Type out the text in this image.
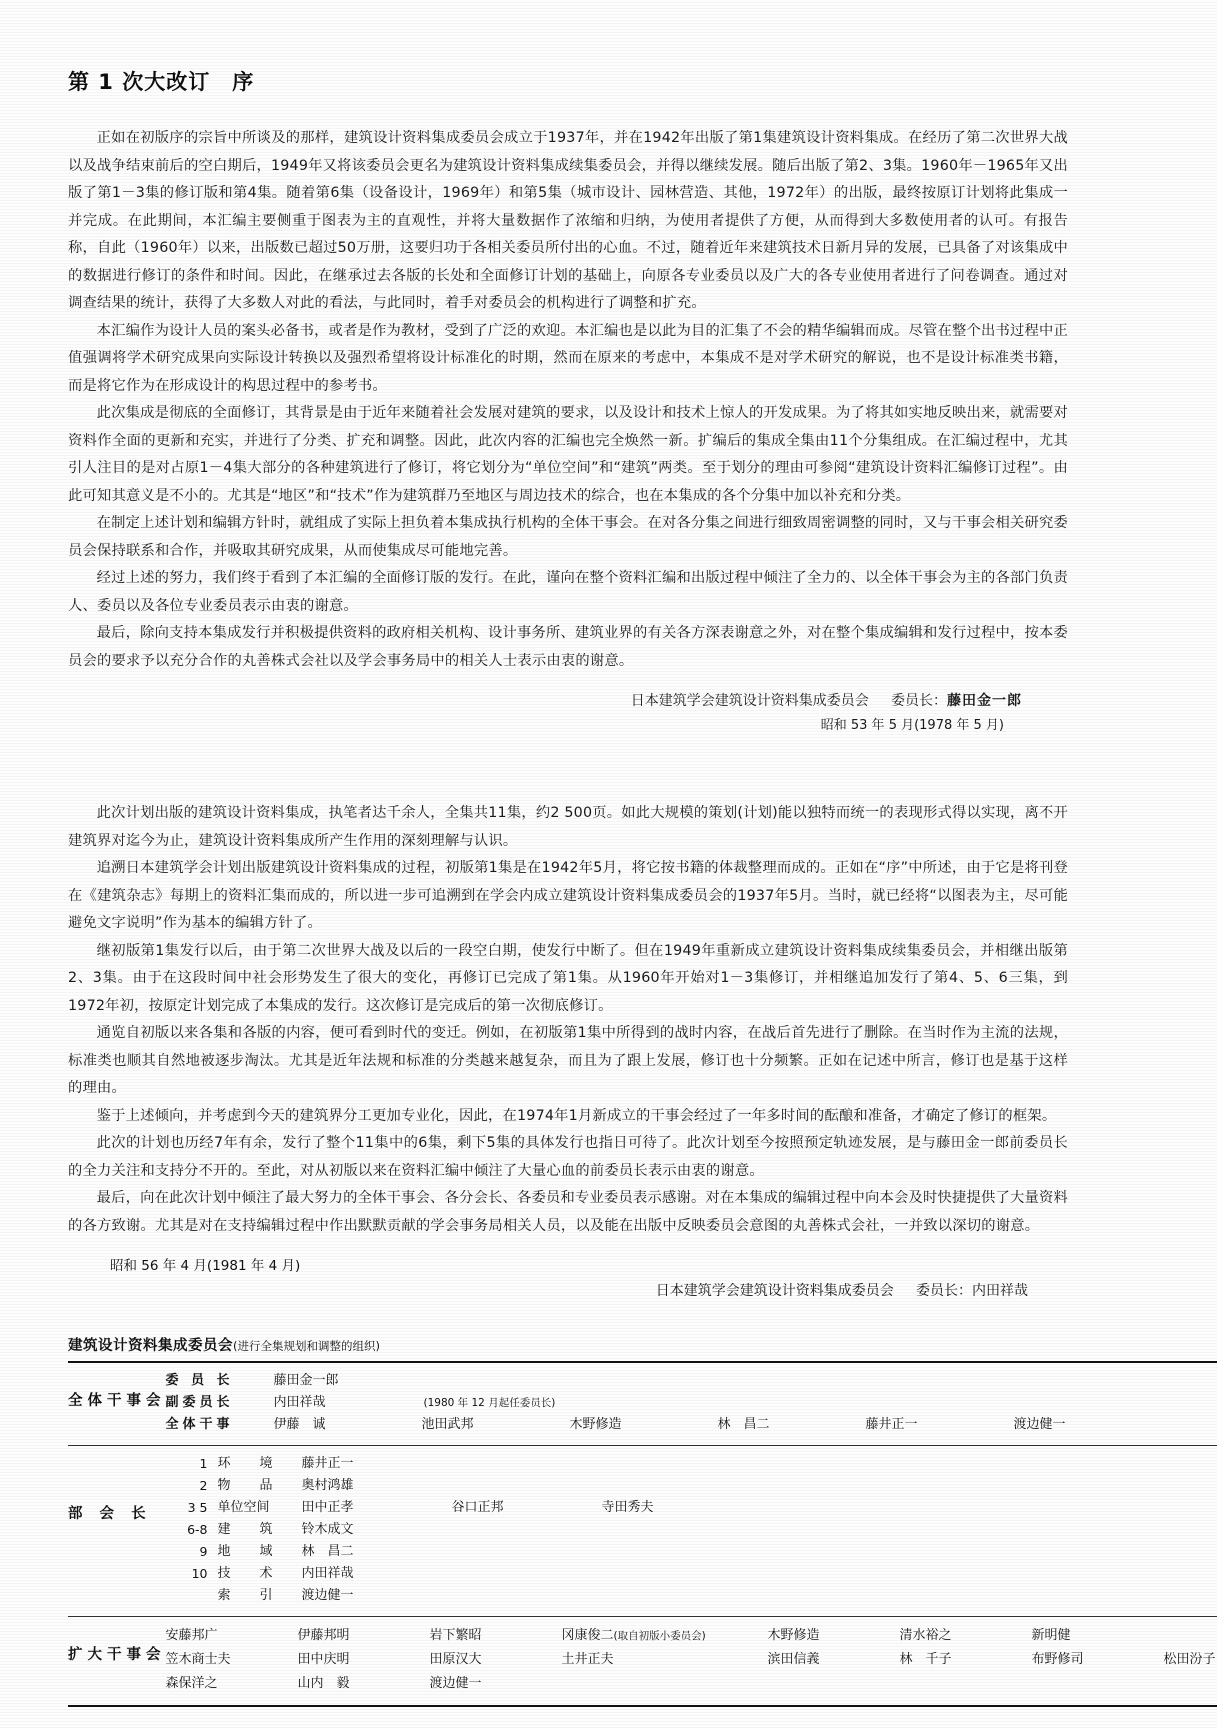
第 1 次大改订 序

正如在初版序的宗旨中所谈及的那样，建筑设计资料集成委员会成立于1937年，并在1942年出版了第1集建筑设计资料集成。在经历了第二次世界大战以及战争结束前后的空白期后，1949年又将该委员会更名为建筑设计资料集成续集委员会，并得以继续发展。随后出版了第2、3集。1960年－1965年又出版了第1－3集的修订版和第4集。随着第6集（设备设计，1969年）和第5集（城市设计、园林营造、其他，1972年）的出版，最终按原订计划将此集成一并完成。在此期间，本汇编主要侧重于图表为主的直观性，并将大量数据作了浓缩和归纳，为使用者提供了方便，从而得到大多数使用者的认可。有报告称，自此（1960年）以来，出版数已超过50万册，这要归功于各相关委员所付出的心血。不过，随着近年来建筑技术日新月异的发展，已具备了对该集成中的数据进行修订的条件和时间。因此，在继承过去各版的长处和全面修订计划的基础上，向原各专业委员以及广大的各专业使用者进行了问卷调查。通过对调查结果的统计，获得了大多数人对此的看法，与此同时，着手对委员会的机构进行了调整和扩充。

本汇编作为设计人员的案头必备书，或者是作为教材，受到了广泛的欢迎。本汇编也是以此为目的汇集了不会的精华编辑而成。尽管在整个出书过程中正值强调将学术研究成果向实际设计转换以及强烈希望将设计标准化的时期，然而在原来的考虑中，本集成不是对学术研究的解说，也不是设计标准类书籍，而是将它作为在形成设计的构思过程中的参考书。

此次集成是彻底的全面修订，其背景是由于近年来随着社会发展对建筑的要求，以及设计和技术上惊人的开发成果。为了将其如实地反映出来，就需要对资料作全面的更新和充实，并进行了分类、扩充和调整。因此，此次内容的汇编也完全焕然一新。扩编后的集成全集由11个分集组成。在汇编过程中，尤其引人注目的是对占原1－4集大部分的各种建筑进行了修订，将它划分为“单位空间”和“建筑”两类。至于划分的理由可参阅“建筑设计资料汇编修订过程”。由此可知其意义是不小的。尤其是“地区”和“技术”作为建筑群乃至地区与周边技术的综合，也在本集成的各个分集中加以补充和分类。

在制定上述计划和编辑方针时，就组成了实际上担负着本集成执行机构的全体干事会。在对各分集之间进行细致周密调整的同时，又与干事会相关研究委员会保持联系和合作，并吸取其研究成果，从而使集成尽可能地完善。

经过上述的努力，我们终于看到了本汇编的全面修订版的发行。在此，谨向在整个资料汇编和出版过程中倾注了全力的、以全体干事会为主的各部门负责人、委员以及各位专业委员表示由衷的谢意。

最后，除向支持本集成发行并积极提供资料的政府相关机构、设计事务所、建筑业界的有关各方深表谢意之外，对在整个集成编辑和发行过程中，按本委员会的要求予以充分合作的丸善株式会社以及学会事务局中的相关人士表示由衷的谢意。

日本建筑学会建筑设计资料集成委员会 委员长：藤田金一郎
昭和 53 年 5 月(1978 年 5 月)

此次计划出版的建筑设计资料集成，执笔者达千余人，全集共11集，约2 500页。如此大规模的策划(计划)能以独特而统一的表现形式得以实现，离不开建筑界对迄今为止，建筑设计资料集成所产生作用的深刻理解与认识。

追溯日本建筑学会计划出版建筑设计资料集成的过程，初版第1集是在1942年5月，将它按书籍的体裁整理而成的。正如在“序”中所述，由于它是将刊登在《建筑杂志》每期上的资料汇集而成的，所以进一步可追溯到在学会内成立建筑设计资料集成委员会的1937年5月。当时，就已经将“以图表为主，尽可能避免文字说明”作为基本的编辑方针了。

继初版第1集发行以后，由于第二次世界大战及以后的一段空白期，使发行中断了。但在1949年重新成立建筑设计资料集成续集委员会，并相继出版第2、3集。由于在这段时间中社会形势发生了很大的变化，再修订已完成了第1集。从1960年开始对1－3集修订，并相继追加发行了第4、5、6三集，到1972年初，按原定计划完成了本集成的发行。这次修订是完成后的第一次彻底修订。

通览自初版以来各集和各版的内容，便可看到时代的变迁。例如，在初版第1集中所得到的战时内容，在战后首先进行了删除。在当时作为主流的法规，标准类也顺其自然地被逐步淘汰。尤其是近年法规和标准的分类越来越复杂，而且为了跟上发展，修订也十分频繁。正如在记述中所言，修订也是基于这样的理由。

鉴于上述倾向，并考虑到今天的建筑界分工更加专业化，因此，在1974年1月新成立的干事会经过了一年多时间的酝酿和准备，才确定了修订的框架。

此次的计划也历经7年有余，发行了整个11集中的6集，剩下5集的具体发行也指日可待了。此次计划至今按照预定轨迹发展，是与藤田金一郎前委员长的全力关注和支持分不开的。至此，对从初版以来在资料汇编中倾注了大量心血的前委员长表示由衷的谢意。

最后，向在此次计划中倾注了最大努力的全体干事会、各分会长、各委员和专业委员表示感谢。对在本集成的编辑过程中向本会及时快捷提供了大量资料的各方致谢。尤其是对在支持编辑过程中作出默默贡献的学会事务局相关人员，以及能在出版中反映委员会意图的丸善株式会社，一并致以深切的谢意。

昭和 56 年 4 月(1981 年 4 月)
日本建筑学会建筑设计资料集成委员会 委员长：内田祥哉
建筑设计资料集成委员会(进行全集规划和调整的组织)
全体干事会	
委 员 长	藤田金一郎
副委员长	内田祥哉	(1980 年 12 月起任委员长)
全体干事	伊藤　诚	池田武邦	木野修造	林　昌二	藤井正一	渡边健一

部 会 长	
1 环　境	藤井正一
2 物　品	奥村鸿雄
3 5 单位空间	田中正孝	谷口正邦	寺田秀夫
6-8 建　筑	铃木成文
9 地　域	林　昌二
10 技　术	内田祥哉
索　引	渡边健一

扩大干事会	
安藤邦广	伊藤邦明	岩下繁昭	冈康俊二(取自初版小委员会)	木野修造	清水裕之	新明健
笠木商士夫	田中庆明	田原汉大	土井正夫	滨田信義	林　千子	布野修司	松田汾子
森保洋之	山内　毅	渡边健一
